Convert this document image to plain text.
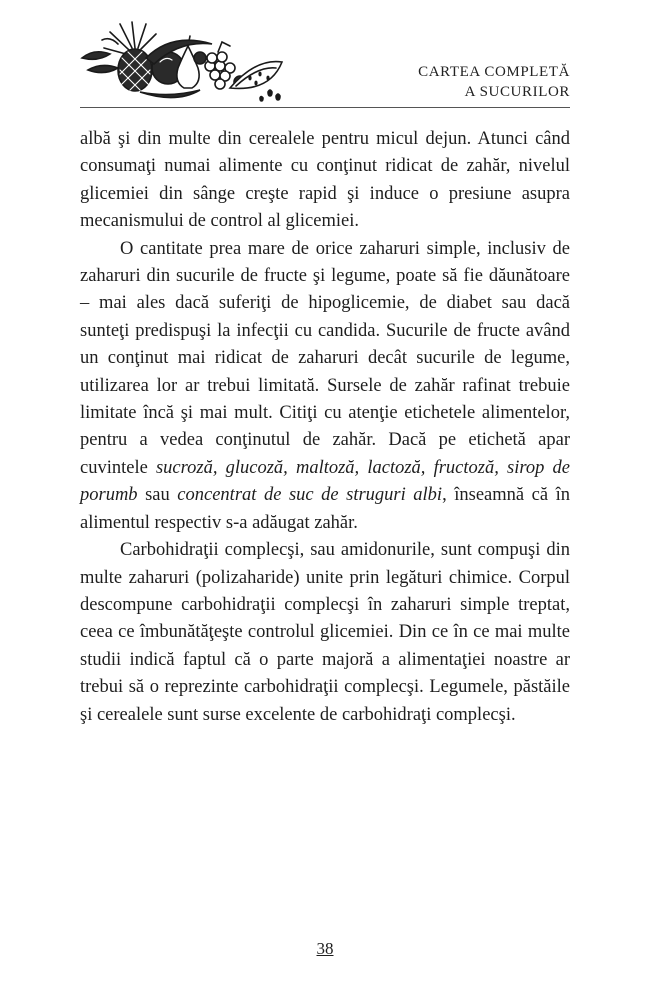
CARTEA COMPLETĂ
A SUCURILOR

albă şi din multe din cerealele pentru micul dejun. Atunci când consumaţi numai alimente cu conţinut ridicat de zahăr, nivelul glicemiei din sânge creşte rapid şi induce o presiune asupra mecanismului de control al glicemiei.

O cantitate prea mare de orice zaharuri simple, inclusiv de zaharuri din sucurile de fructe şi legume, poate să fie dăunătoare – mai ales dacă suferiţi de hipoglicemie, de diabet sau dacă sunteţi predispuşi la infecţii cu candida. Sucurile de fructe având un conţinut mai ridicat de zaharuri decât sucurile de legume, utilizarea lor ar trebui limitată. Sursele de zahăr rafinat trebuie limitate încă şi mai mult. Citiţi cu atenţie etichetele alimentelor, pentru a vedea conţinutul de zahăr. Dacă pe etichetă apar cuvintele sucroză, glucoză, maltoză, lactoză, fructoză, sirop de porumb sau concentrat de suc de struguri albi, înseamnă că în alimentul respectiv s-a adăugat zahăr.

Carbohidraţii complecşi, sau amidonurile, sunt compuşi din multe zaharuri (polizaharide) unite prin legături chimice. Corpul descompune carbohidraţii complecşi în zaharuri simple treptat, ceea ce îmbunătăţeşte controlul glicemiei. Din ce în ce mai multe studii indică faptul că o parte majoră a alimentaţiei noastre ar trebui să o reprezinte carbohidraţii complecşi. Legumele, păstăile şi cerealele sunt surse excelente de carbohidraţi complecşi.

38
